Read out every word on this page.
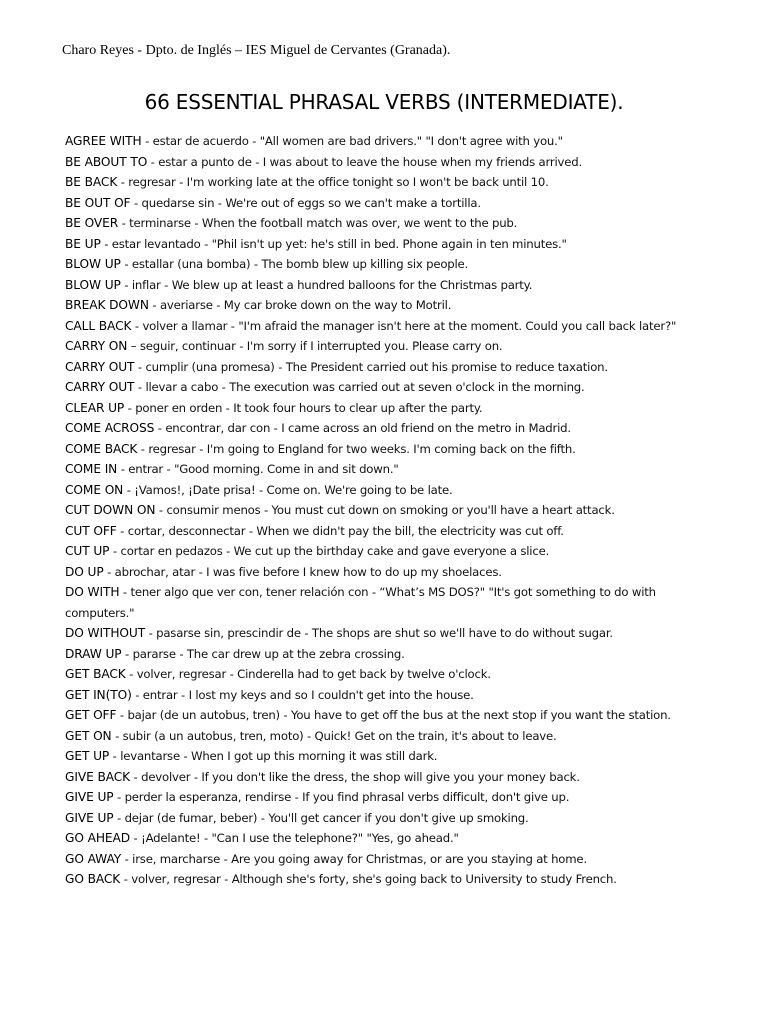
Charo Reyes - Dpto. de Inglés – IES Miguel de Cervantes (Granada).
66 ESSENTIAL PHRASAL VERBS (INTERMEDIATE).
AGREE WITH - estar de acuerdo - "All women are bad drivers." "I don't agree with you."
BE ABOUT TO - estar a punto de - I was about to leave the house when my friends arrived.
BE BACK - regresar - I'm working late at the office tonight so I won't be back until 10.
BE OUT OF - quedarse sin - We're out of eggs so we can't make a tortilla.
BE OVER - terminarse - When the football match was over, we went to the pub.
BE UP - estar levantado - "Phil isn't up yet: he's still in bed. Phone again in ten minutes."
BLOW UP - estallar (una bomba) - The bomb blew up killing six people.
BLOW UP - inflar - We blew up at least a hundred balloons for the Christmas party.
BREAK DOWN - averiarse - My car broke down on the way to Motril.
CALL BACK - volver a llamar - "I'm afraid the manager isn't here at the moment. Could you call back later?"
CARRY ON – seguir, continuar - I'm sorry if I interrupted you. Please carry on.
CARRY OUT - cumplir (una promesa) - The President carried out his promise to reduce taxation.
CARRY OUT - llevar a cabo - The execution was carried out at seven o'clock in the morning.
CLEAR UP - poner en orden - It took four hours to clear up after the party.
COME ACROSS - encontrar, dar con - I came across an old friend on the metro in Madrid.
COME BACK - regresar - I'm going to England for two weeks. I'm coming back on the fifth.
COME IN - entrar - "Good morning. Come in and sit down."
COME ON - ¡Vamos!, ¡Date prisa! - Come on. We're going to be late.
CUT DOWN ON - consumir menos - You must cut down on smoking or you'll have a heart attack.
CUT OFF - cortar, desconnectar - When we didn't pay the bill, the electricity was cut off.
CUT UP - cortar en pedazos - We cut up the birthday cake and gave everyone a slice.
DO UP - abrochar, atar - I was five before I knew how to do up my shoelaces.
DO WITH - tener algo que ver con, tener relación con - “What’s MS DOS?" "It's got something to do with computers."
DO WITHOUT - pasarse sin, prescindir de - The shops are shut so we'll have to do without sugar.
DRAW UP - pararse - The car drew up at the zebra crossing.
GET BACK - volver, regresar - Cinderella had to get back by twelve o'clock.
GET IN(TO) - entrar - I lost my keys and so I couldn't get into the house.
GET OFF - bajar (de un autobus, tren) - You have to get off the bus at the next stop if you want the station.
GET ON - subir (a un autobus, tren, moto) - Quick! Get on the train, it's about to leave.
GET UP - levantarse - When I got up this morning it was still dark.
GIVE BACK - devolver - If you don't like the dress, the shop will give you your money back.
GIVE UP - perder la esperanza, rendirse - If you find phrasal verbs difficult, don't give up.
GIVE UP - dejar (de fumar, beber) - You'll get cancer if you don't give up smoking.
GO AHEAD - ¡Adelante! - "Can I use the telephone?" "Yes, go ahead."
GO AWAY - irse, marcharse - Are you going away for Christmas, or are you staying at home.
GO BACK - volver, regresar - Although she's forty, she's going back to University to study French.
